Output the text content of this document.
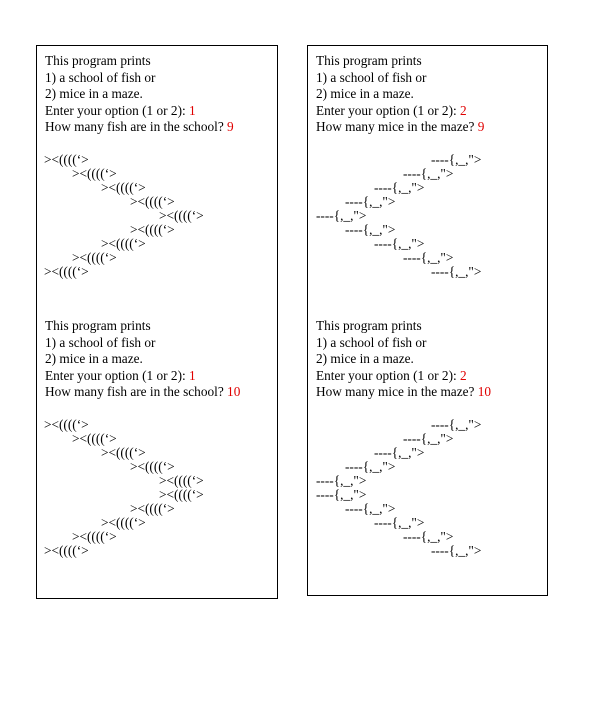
This program prints
1) a school of fish or
2) mice in a maze.
Enter your option (1 or 2): 1
How many fish are in the school? 9
><((((‘>
><((((‘>
><((((‘>
><((((‘>
><((((‘>
><((((‘>
><((((‘>
><((((‘>
><((((‘>
This program prints
1) a school of fish or
2) mice in a maze.
Enter your option (1 or 2): 1
How many fish are in the school? 10
><((((‘>
><((((‘>
><((((‘>
><((((‘>
><((((‘>
><((((‘>
><((((‘>
><((((‘>
><((((‘>
><((((‘>
This program prints
1) a school of fish or
2) mice in a maze.
Enter your option (1 or 2): 2
How many mice in the maze? 9
----{,_,">
----{,_,">
----{,_,">
----{,_,">
----{,_,">
----{,_,">
----{,_,">
----{,_,">
----{,_,">
This program prints
1) a school of fish or
2) mice in a maze.
Enter your option (1 or 2): 2
How many mice in the maze? 10
----{,_,">
----{,_,">
----{,_,">
----{,_,">
----{,_,">
----{,_,">
----{,_,">
----{,_,">
----{,_,">
----{,_,">
